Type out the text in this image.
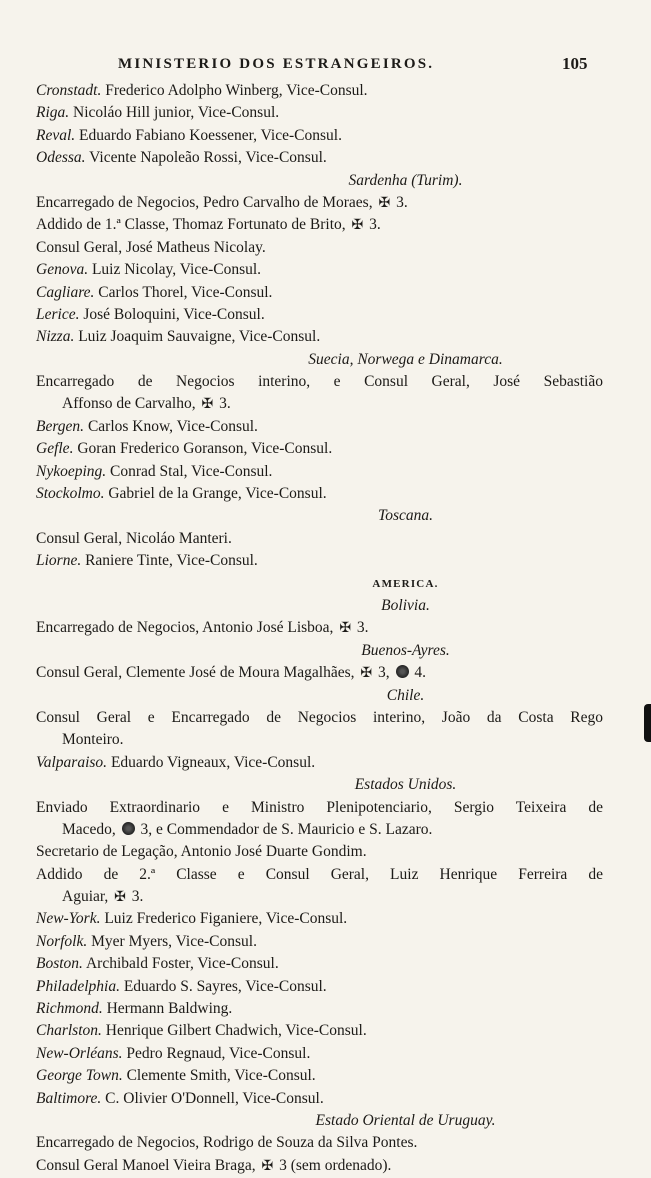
MINISTERIO DOS ESTRANGEIROS.	105
Cronstadt. Frederico Adolpho Winberg, Vice-Consul.
Riga. Nicoláo Hill junior, Vice-Consul.
Reval. Eduardo Fabiano Koessener, Vice-Consul.
Odessa. Vicente Napoleão Rossi, Vice-Consul.
Sardenha (Turim).
Encarregado de Negocios, Pedro Carvalho de Moraes, ✠ 3.
Addido de 1.ª Classe, Thomaz Fortunato de Brito, ✠ 3.
Consul Geral, José Matheus Nicolay.
Genova. Luiz Nicolay, Vice-Consul.
Cagliare. Carlos Thorel, Vice-Consul.
Lerice. José Boloquini, Vice-Consul.
Nizza. Luiz Joaquim Sauvaigne, Vice-Consul.
Suecia, Norwega e Dinamarca.
Encarregado de Negocios interino, e Consul Geral, José Sebastião
Affonso de Carvalho, ✠ 3.
Bergen. Carlos Know, Vice-Consul.
Gefle. Goran Frederico Goranson, Vice-Consul.
Nykoeping. Conrad Stal, Vice-Consul.
Stockolmo. Gabriel de la Grange, Vice-Consul.
Toscana.
Consul Geral, Nicoláo Manteri.
Liorne. Raniere Tinte, Vice-Consul.
AMERICA.
Bolivia.
Encarregado de Negocios, Antonio José Lisboa, ✠ 3.
Buenos-Ayres.
Consul Geral, Clemente José de Moura Magalhães, ✠ 3, 4.
Chile.
Consul Geral e Encarregado de Negocios interino, João da Costa Rego
Monteiro.
Valparaiso. Eduardo Vigneaux, Vice-Consul.
Estados Unidos.
Enviado Extraordinario e Ministro Plenipotenciario, Sergio Teixeira de
Macedo, 3, e Commendador de S. Mauricio e S. Lazaro.
Secretario de Legação, Antonio José Duarte Gondim.
Addido de 2.ª Classe e Consul Geral, Luiz Henrique Ferreira de
Aguiar, ✠ 3.
New-York. Luiz Frederico Figaniere, Vice-Consul.
Norfolk. Myer Myers, Vice-Consul.
Boston. Archibald Foster, Vice-Consul.
Philadelphia. Eduardo S. Sayres, Vice-Consul.
Richmond. Hermann Baldwing.
Charlston. Henrique Gilbert Chadwich, Vice-Consul.
New-Orléans. Pedro Regnaud, Vice-Consul.
George Town. Clemente Smith, Vice-Consul.
Baltimore. C. Olivier O'Donnell, Vice-Consul.
Estado Oriental de Uruguay.
Encarregado de Negocios, Rodrigo de Souza da Silva Pontes.
Consul Geral Manoel Vieira Braga, ✠ 3 (sem ordenado).
